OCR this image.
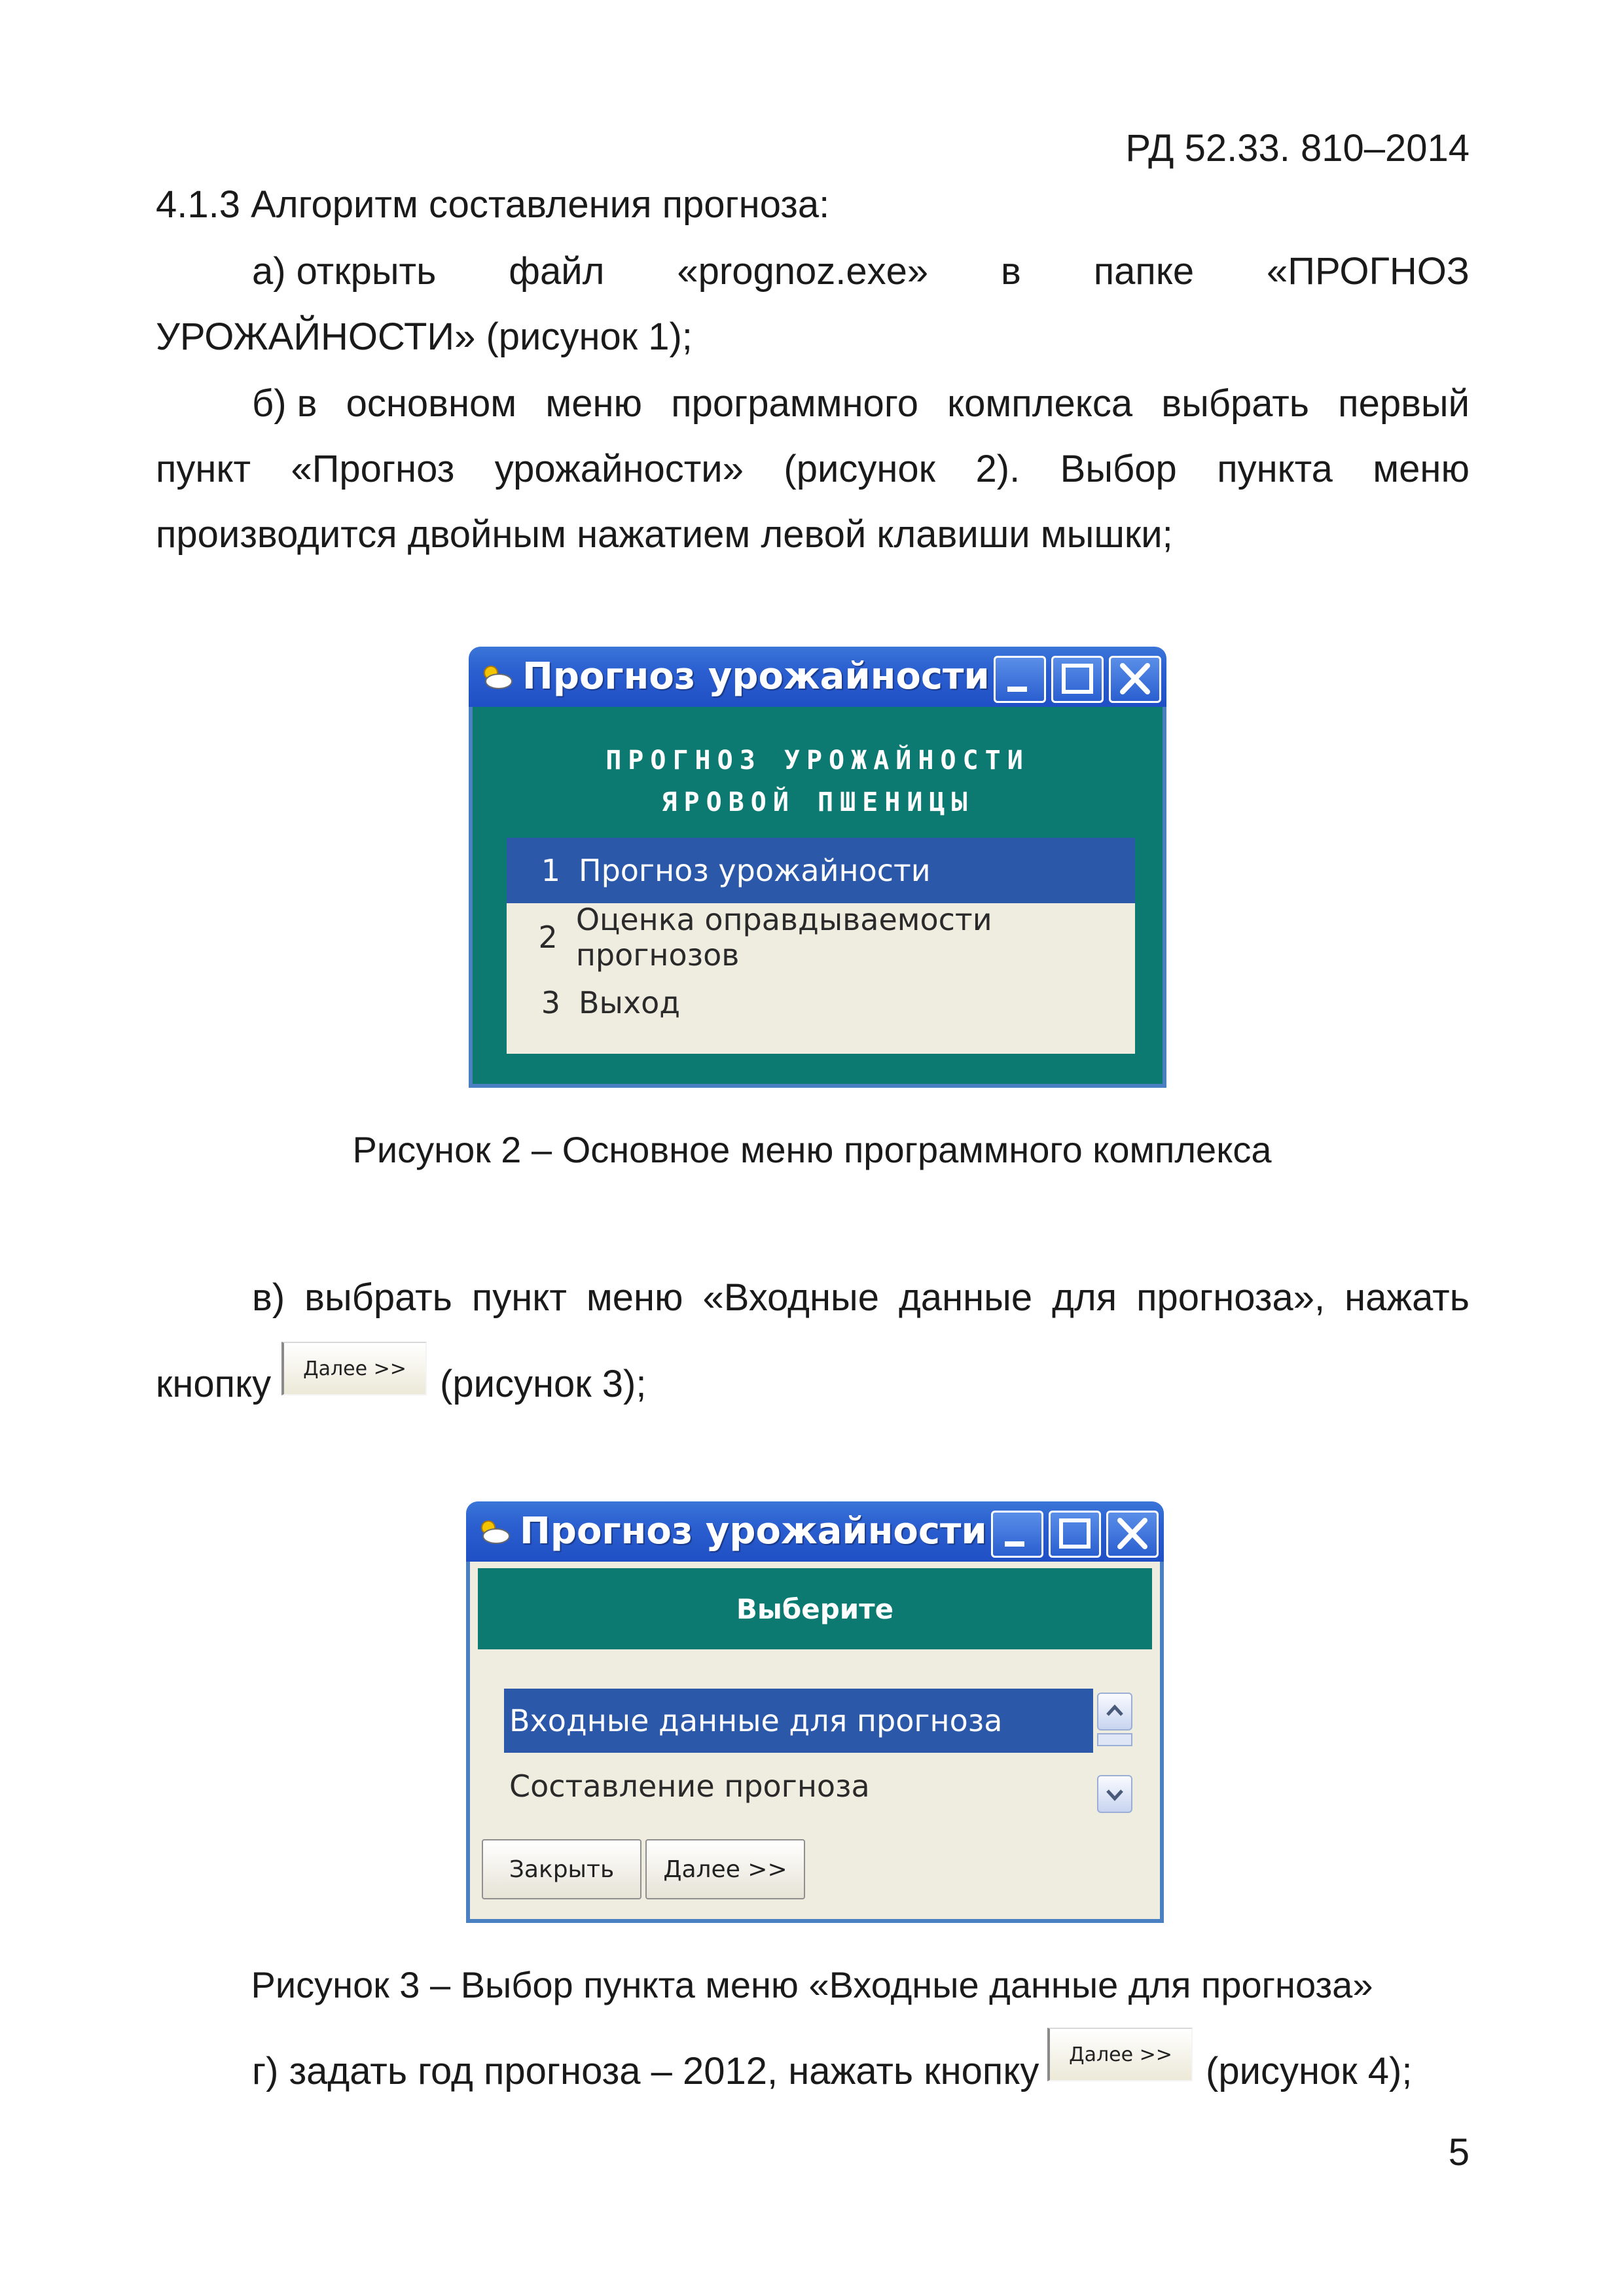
РД 52.33. 810–2014
4.1.3 Алгоритм составления прогноза:
а) открыть файл «prognoz.exe» в папке «ПРОГНОЗ
УРОЖАЙНОСТИ» (рисунок 1);
б) в основном меню программного комплекса выбрать первый
пункт «Прогноз урожайности» (рисунок 2). Выбор пункта меню
производится двойным нажатием левой клавиши мышки;
Прогноз урожайности
ПРОГНОЗ УРОЖАЙНОСТИ
ЯРОВОЙ ПШЕНИЦЫ
1 Прогноз урожайности
2 Оценка оправдываемости прогнозов
3 Выход
Рисунок 2 – Основное меню программного комплекса
в) выбрать пункт меню «Входные данные для прогноза», нажать
кнопку	Далее >> (рисунок 3);
Прогноз урожайности
Выберите
Входные данные для прогноза
Составление прогноза
Закрыть	Далее >>
Рисунок 3 – Выбор пункта меню «Входные данные для прогноза»
г) задать год прогноза – 2012, нажать кнопку	Далее >> (рисунок 4);
5
